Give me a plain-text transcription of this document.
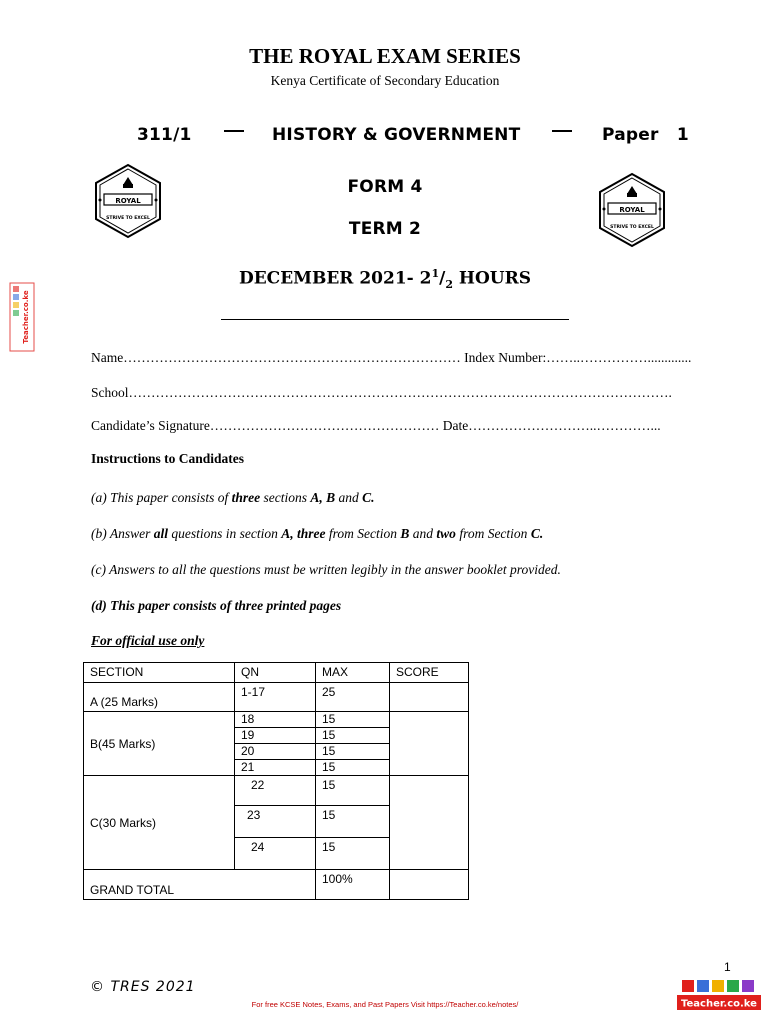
THE ROYAL EXAM SERIES
Kenya Certificate of Secondary Education
311/1	HISTORY & GOVERNMENT	Paper   1
FORM 4
TERM 2
ROYAL
STRIVE TO EXCEL
ROYAL
STRIVE TO EXCEL
Teacher.co.ke
DECEMBER 2021- $2^1/_2$ HOURS
Name………………………………………………………………… Index Number:……..…………….............
School………………………………………………………………………………………………………….
Candidate’s Signature…………………………………………… Date………………………..…………...
Instructions to Candidates
(a) This paper consists of three sections A, B and C.
(b) Answer all questions in section A, three from Section B and two from Section C.
(c) Answers to all the questions must be written legibly in the answer booklet provided.
(d) This paper consists of three printed pages
For official use only
SECTION	QN	MAX	SCORE
A (25 Marks)	1-17	25	
B(45 Marks)	18	15	
	19	15	
	20	15	
	21	15	
C(30 Marks)	22	15	
	23	15	
	24	15	
GRAND TOTAL		100%	
1
© TRES 2021
For free KCSE Notes, Exams, and Past Papers Visit https://Teacher.co.ke/notes/	Teacher.co.ke
